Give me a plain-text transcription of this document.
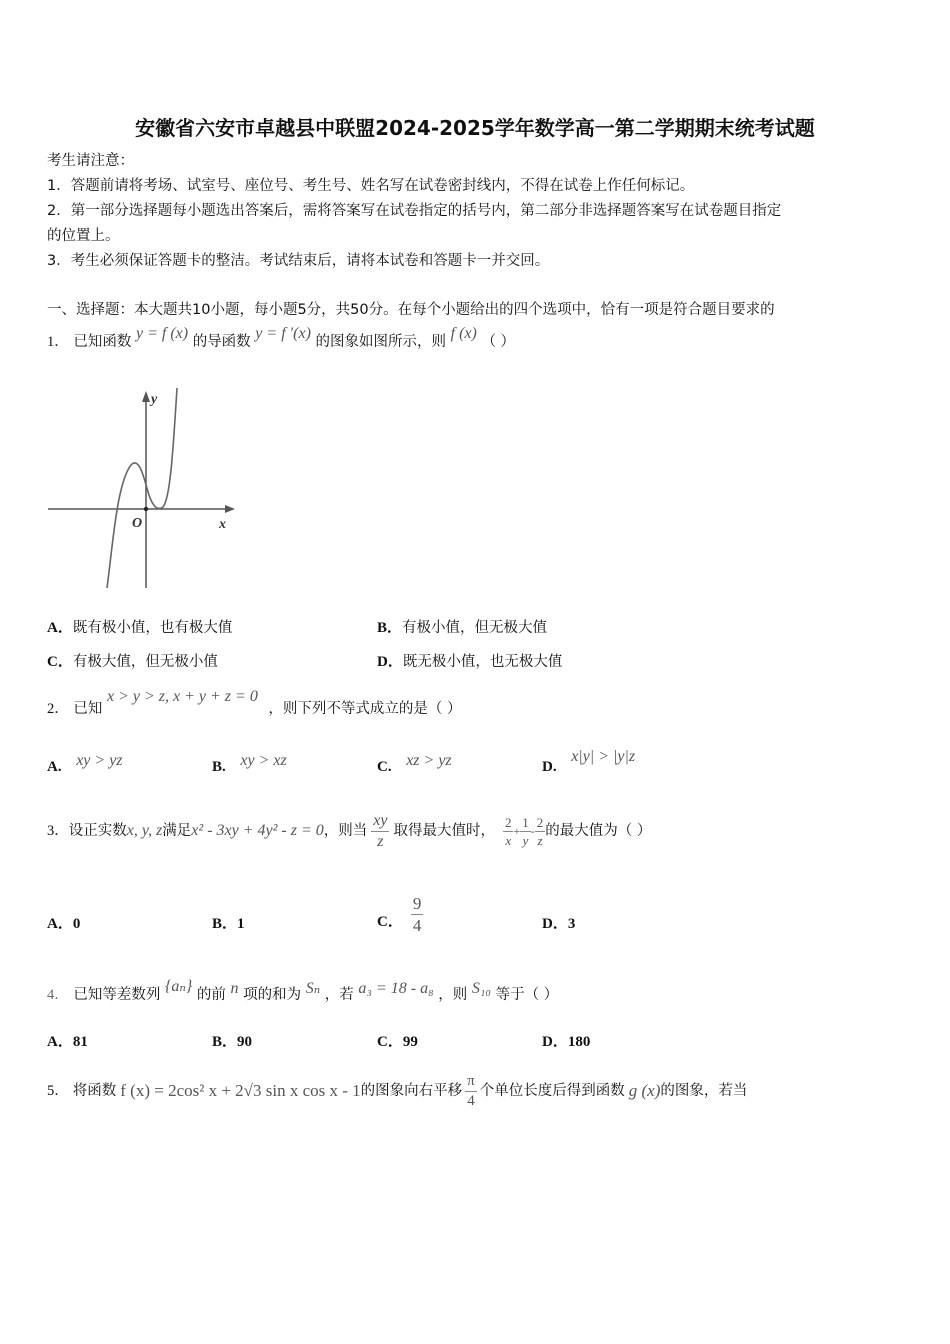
安徽省六安市卓越县中联盟2024-2025学年数学高一第二学期期末统考试题
考生请注意：
1．答题前请将考场、试室号、座位号、考生号、姓名写在试卷密封线内，不得在试卷上作任何标记。
2．第一部分选择题每小题选出答案后，需将答案写在试卷指定的括号内，第二部分非选择题答案写在试卷题目指定
的位置上。
3．考生必须保证答题卡的整洁。考试结束后，请将本试卷和答题卡一并交回。
一、选择题：本大题共10小题，每小题5分，共50分。在每个小题给出的四个选项中，恰有一项是符合题目要求的
1． 已知函数 y = f (x) 的导函数 y = f ′(x) 的图象如图所示，则 f (x) （ ）
y
O	x
A．既有极小值，也有极大值	B．有极小值，但无极大值
C．有极大值，但无极小值	D．既无极小值，也无极大值
2． 已知 x > y > z, x + y + z = 0 ，则下列不等式成立的是（ ）
A. xy > yz	B. xy > xz	C. xz > yz	D. x|y| > |y|z
3． 设正实数 x, y, z 满足 x² - 3xy + 4y² - z = 0 ，则当 $\frac{xy}{z}$ 取得最大值时， $\frac{2}{x} + \frac{1}{y} - \frac{2}{z}$ 的最大值为（ ）
A．0	B．1	C． $\frac{9}{4}$	D．3
4． 已知等差数列 {aₙ} 的前 n 项的和为 Sₙ ，若 a₃ = 18 - a₈ ，则 S₁₀ 等于（ ）
A．81	B．90	C．99	D．180
5． 将函数 f (x) = 2cos² x + 2√3 sin x cos x - 1 的图象向右平移 $\frac{\pi}{4}$ 个单位长度后得到函数 g (x) 的图象，若当
